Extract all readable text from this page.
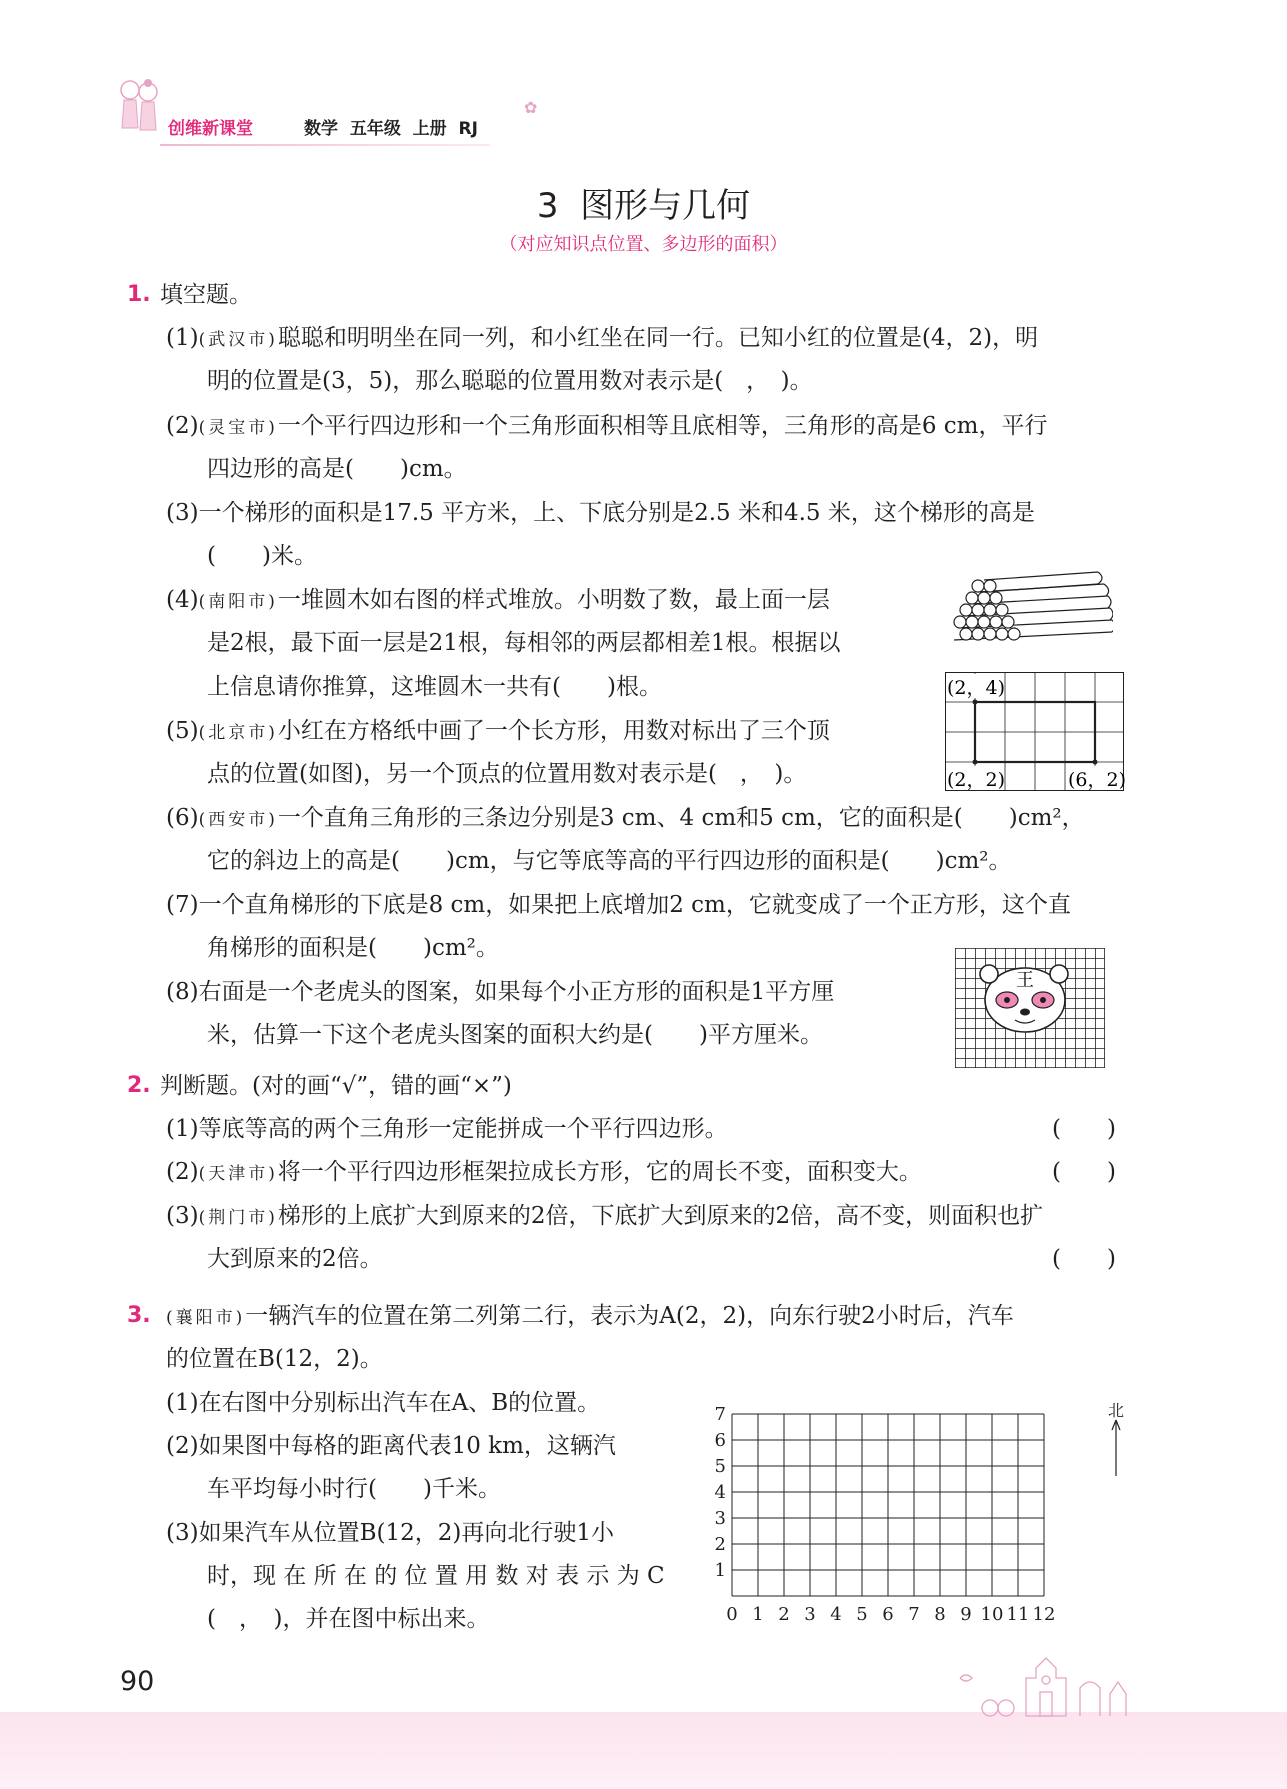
创维新课堂	数学  五年级  上册  RJ
✿
3  图形与几何
（对应知识点位置、多边形的面积）
1. 填空题。
(1)(武汉市)聪聪和明明坐在同一列，和小红坐在同一行。已知小红的位置是(4，2)，明
明的位置是(3，5)，那么聪聪的位置用数对表示是(　，　)。
(2)(灵宝市)一个平行四边形和一个三角形面积相等且底相等，三角形的高是6 cm，平行
四边形的高是(　　)cm。
(3)一个梯形的面积是17.5 平方米，上、下底分别是2.5 米和4.5 米，这个梯形的高是
(　　)米。
(4)(南阳市)一堆圆木如右图的样式堆放。小明数了数，最上面一层
是2根，最下面一层是21根，每相邻的两层都相差1根。根据以
上信息请你推算，这堆圆木一共有(　　)根。
(5)(北京市)小红在方格纸中画了一个长方形，用数对标出了三个顶
点的位置(如图)，另一个顶点的位置用数对表示是(　，　)。
(2，4)
(2，2)	(6，2)
(6)(西安市)一个直角三角形的三条边分别是3 cm、4 cm和5 cm，它的面积是(　　)cm²，
它的斜边上的高是(　　)cm，与它等底等高的平行四边形的面积是(　　)cm²。
(7)一个直角梯形的下底是8 cm，如果把上底增加2 cm，它就变成了一个正方形，这个直
角梯形的面积是(　　)cm²。
(8)右面是一个老虎头的图案，如果每个小正方形的面积是1平方厘
米，估算一下这个老虎头图案的面积大约是(　　)平方厘米。
王
2. 判断题。(对的画“√”，错的画“×”)
(1)等底等高的两个三角形一定能拼成一个平行四边形。	(　　)
(2)(天津市)将一个平行四边形框架拉成长方形，它的周长不变，面积变大。	(　　)
(3)(荆门市)梯形的上底扩大到原来的2倍，下底扩大到原来的2倍，高不变，则面积也扩
大到原来的2倍。	(　　)
3. (襄阳市)一辆汽车的位置在第二列第二行，表示为A(2，2)，向东行驶2小时后，汽车
的位置在B(12，2)。
(1)在右图中分别标出汽车在A、B的位置。
(2)如果图中每格的距离代表10 km，这辆汽
车平均每小时行(　　)千米。
(3)如果汽车从位置B(12，2)再向北行驶1小
时，现 在 所 在 的 位 置 用 数 对 表 示 为 C
(　，　)，并在图中标出来。	0 1 2 3 4 5 6 7 8 9 10 11 12
1
2
3
4
5
6
7	北
90
